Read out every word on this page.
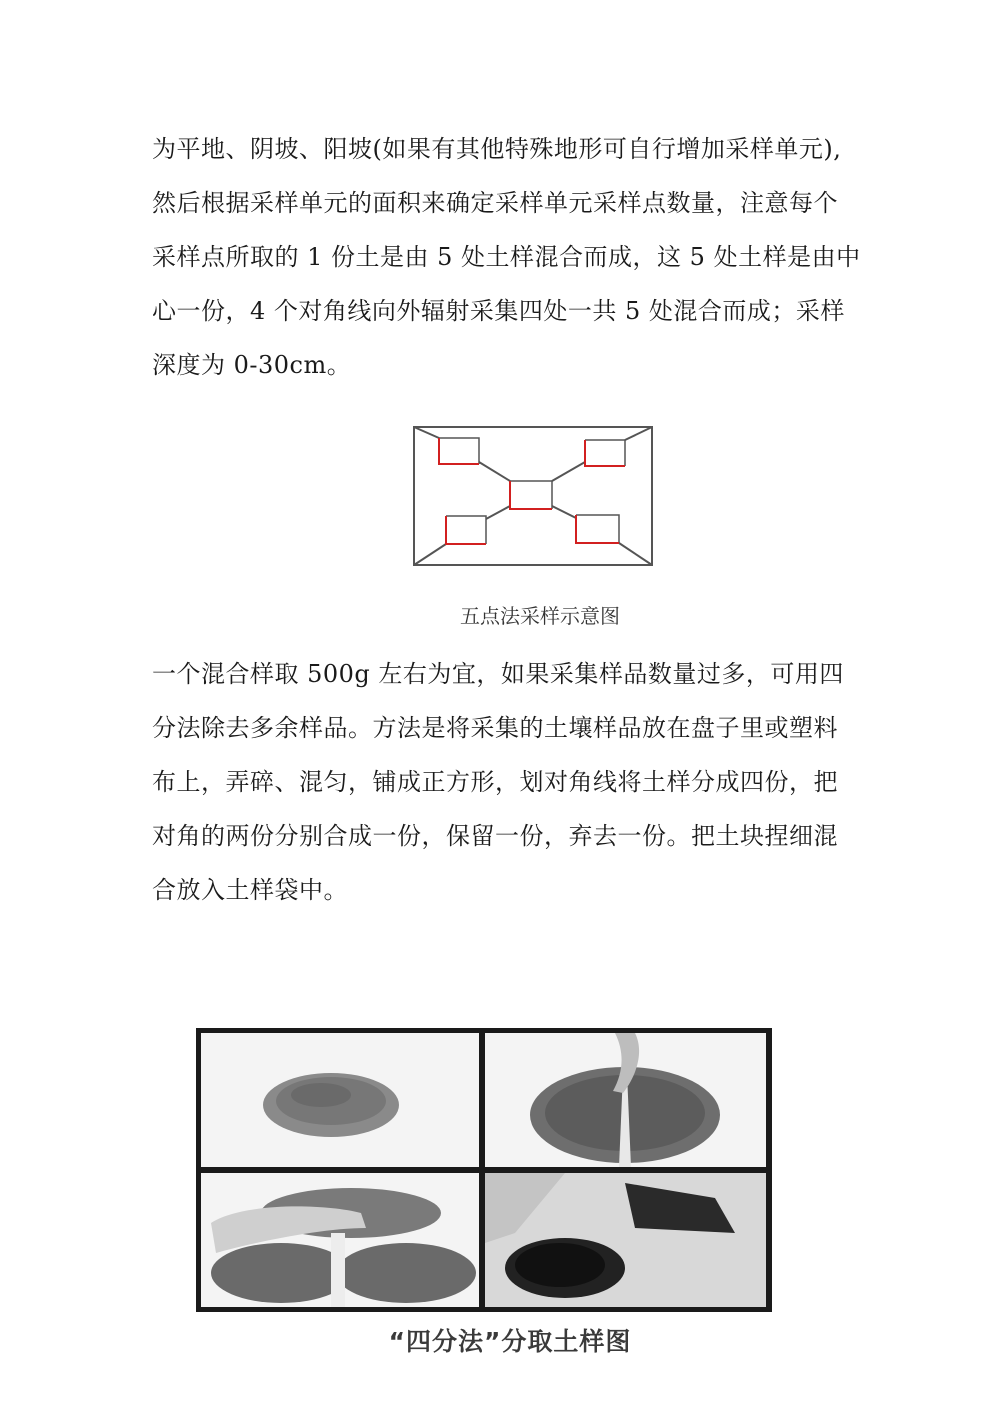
为平地、阴坡、阳坡(如果有其他特殊地形可自行增加采样单元),
然后根据采样单元的面积来确定采样单元采样点数量，注意每个
采样点所取的 1 份土是由 5 处土样混合而成，这 5 处土样是由中
心一份，4 个对角线向外辐射采集四处一共 5 处混合而成；采样
深度为 0-30cm。
五点法采样示意图
一个混合样取 500g 左右为宜，如果采集样品数量过多，可用四
分法除去多余样品。方法是将采集的土壤样品放在盘子里或塑料
布上，弄碎、混匀，铺成正方形，划对角线将土样分成四份，把
对角的两份分别合成一份，保留一份，弃去一份。把土块捏细混
合放入土样袋中。
“四分法”分取土样图
